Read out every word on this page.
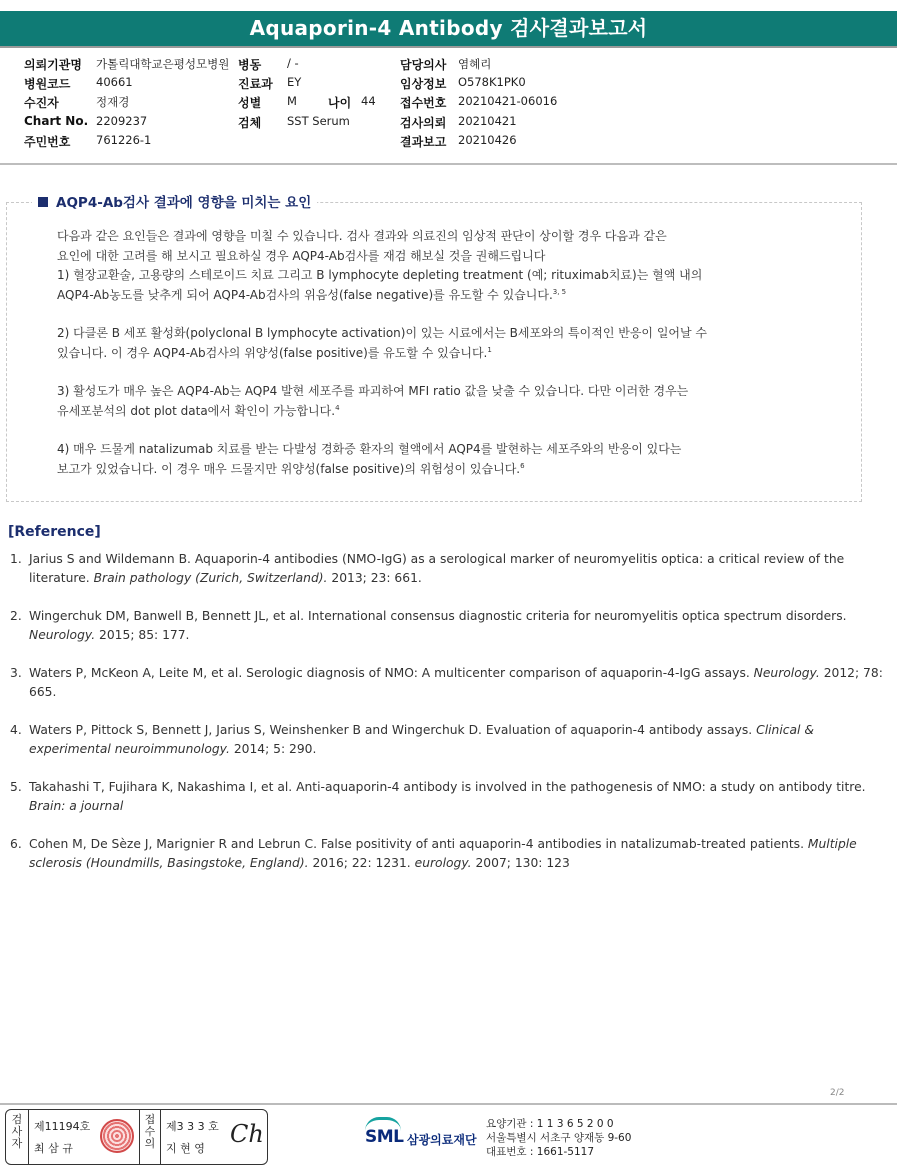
Aquaporin-4 Antibody 검사결과보고서
의뢰기관명 가톨릭대학교은평성모병원 병동 / -	담당의사 염혜리
병원코드 40661	진료과 EY	임상정보 O578K1PK0
수진자	정재경	성별 M	나이 44 접수번호 20210421-06016
Chart No. 2209237	검체 SST Serum	검사의뢰 20210421
주민번호 761226-1	결과보고 20210426
AQP4-Ab검사 결과에 영향을 미치는 요인

다음과 같은 요인들은 결과에 영향을 미칠 수 있습니다. 검사 결과와 의료진의 임상적 판단이 상이할 경우 다음과 같은

요인에 대한 고려를 해 보시고 필요하실 경우 AQP4-Ab검사를 재검 해보실 것을 권해드립니다

1) 혈장교환술, 고용량의 스테로이드 치료 그리고 B lymphocyte depleting treatment (예; rituximab치료)는 혈액 내의

AQP4-Ab농도를 낮추게 되어 AQP4-Ab검사의 위음성(false negative)를 유도할 수 있습니다.$^{3, 5}$

2) 다클론 B 세포 활성화(polyclonal B lymphocyte activation)이 있는 시료에서는 B세포와의 특이적인 반응이 일어날 수

있습니다. 이 경우 AQP4-Ab검사의 위양성(false positive)를 유도할 수 있습니다.$^1$

3) 활성도가 매우 높은 AQP4-Ab는 AQP4 발현 세포주를 파괴하여 MFI ratio 값을 낮출 수 있습니다. 다만 이러한 경우는

유세포분석의 dot plot data에서 확인이 가능합니다.$^4$

4) 매우 드물게 natalizumab 치료를 받는 다발성 경화증 환자의 혈액에서 AQP4를 발현하는 세포주와의 반응이 있다는

보고가 있었습니다. 이 경우 매우 드물지만 위양성(false positive)의 위험성이 있습니다.$^6$

[Reference]
1. Jarius S and Wildemann B. Aquaporin-4 antibodies (NMO-IgG) as a serological marker of neuromyelitis optica: a critical review of the literature. Brain pathology (Zurich, Switzerland). 2013; 23: 661.
2. Wingerchuk DM, Banwell B, Bennett JL, et al. International consensus diagnostic criteria for neuromyelitis optica spectrum disorders. Neurology. 2015; 85: 177.
3. Waters P, McKeon A, Leite M, et al. Serologic diagnosis of NMO: A multicenter comparison of aquaporin-4-IgG assays. Neurology. 2012; 78: 665.
4. Waters P, Pittock S, Bennett J, Jarius S, Weinshenker B and Wingerchuk D. Evaluation of aquaporin-4 antibody assays. Clinical & experimental neuroimmunology. 2014; 5: 290.
5. Takahashi T, Fujihara K, Nakashima I, et al. Anti-aquaporin-4 antibody is involved in the pathogenesis of NMO: a study on antibody titre. Brain: a journal
6. Cohen M, De Sèze J, Marignier R and Lebrun C. False positivity of anti aquaporin-4 antibodies in natalizumab-treated patients. Multiple sclerosis (Houndmills, Basingstoke, England). 2016; 22: 1231. eurology. 2007; 130: 123
2/2
검
사
자
제11194호
최 삼 규
접
수
의
제3 3 3 호
지 현 영
Ch	SML 삼광의료재단
요양기관 : 1 1 3 6 5 2 0 0
서울특별시 서초구 양재동 9-60
대표번호 : 1661-5117
